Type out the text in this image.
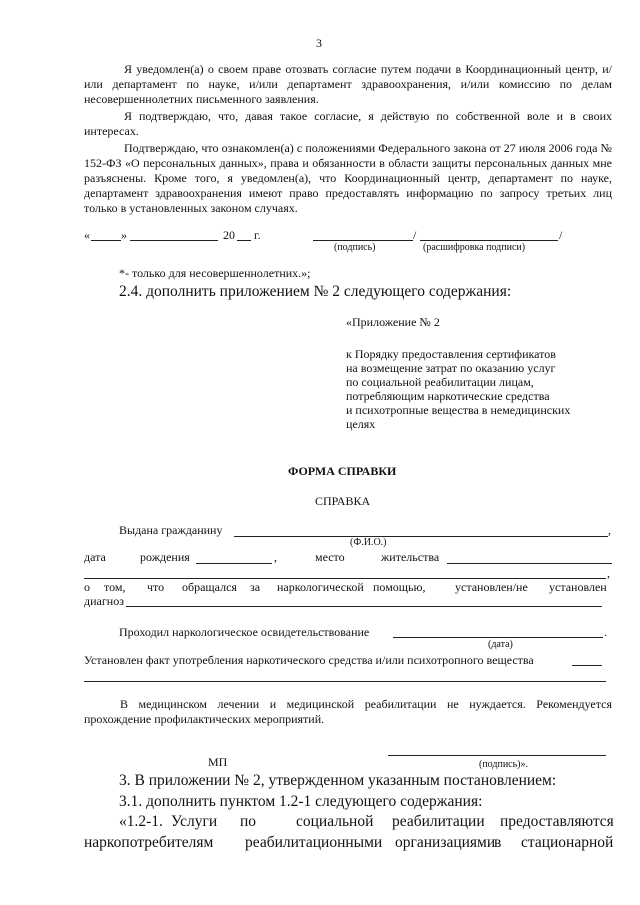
3
Я уведомлен(а) о своем праве отозвать согласие путем подачи в Координационный центр, и/или департамент по науке, и/или департамент здравоохранения, и/или комиссию по делам несовершеннолетних письменного заявления.
Я подтверждаю, что, давая такое согласие, я действую по собственной воле и в своих интересах.
Подтверждаю, что ознакомлен(а) с положениями Федерального закона от 27 июля 2006 года № 152-ФЗ «О персональных данных», права и обязанности в области защиты персональных данных мне разъяснены. Кроме того, я уведомлен(а), что Координационный центр, департамент по науке, департамент здравоохранения имеют право предоставлять информацию по запросу третьих лиц только в установленных законом случаях.
«	»	20 г.	/	/
(подпись)	(расшифровка подписи)
*- только для несовершеннолетних.»;
2.4. дополнить приложением № 2 следующего содержания:
«Приложение № 2
к Порядку предоставления сертификатов
на возмещение затрат по оказанию услуг
по социальной реабилитации лицам,
потребляющим наркотические средства
и психотропные вещества в немедицинских
целях
ФОРМА СПРАВКИ
СПРАВКА
Выдана гражданину	,
(Ф.И.О.)
дата	рождения	,	место	жительства
,
о том, что обращался за наркологической помощью, установлен/не установлен
диагноз
Проходил наркологическое освидетельствование	.
(дата)
Установлен факт употребления наркотического средства и/или психотропного вещества
В медицинском лечении и медицинской реабилитации не нуждается. Рекомендуется прохождение профилактических мероприятий.
МП	(подпись)».
3. В приложении № 2, утвержденном указанным постановлением:
3.1. дополнить пунктом 1.2-1 следующего содержания:
«1.2-1. Услуги по	социальной реабилитации предоставляются
наркопотребителям реабилитационными организациями
в стационарной
